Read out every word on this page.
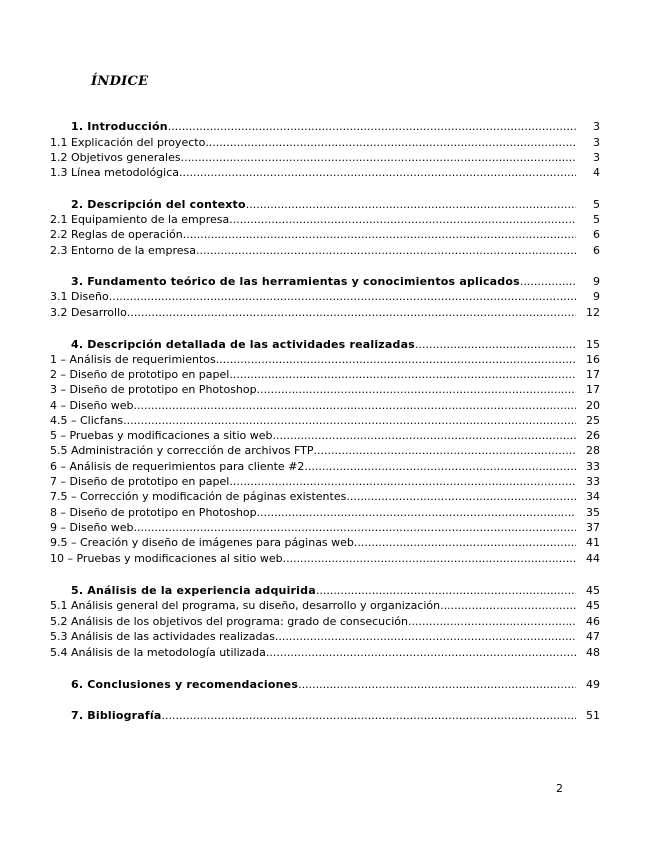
ÍNDICE
1. Introducción .....	3
1.1 Explicación del proyecto .....	3
1.2 Objetivos generales .....	3
1.3 Línea metodológica .....	4
2. Descripción del contexto .....	5
2.1 Equipamiento de la empresa .....	5
2.2 Reglas de operación .....	6
2.3 Entorno de la empresa .....	6
3. Fundamento teórico de las herramientas y conocimientos aplicados .....	9
3.1 Diseño .....	9
3.2 Desarrollo .....	12
4. Descripción detallada de las actividades realizadas .....	15
1 – Análisis de requerimientos .....	16
2 – Diseño de prototipo en papel .....	17
3 – Diseño de prototipo en Photoshop .....	17
4 – Diseño web .....	20
4.5 – Clicfans .....	25
5 – Pruebas y modificaciones a sitio web .....	26
5.5 Administración y corrección de archivos FTP .....	28
6 – Análisis de requerimientos para cliente #2 .....	33
7 – Diseño de prototipo en papel .....	33
7.5 – Corrección y modificación de páginas existentes .....	34
8 – Diseño de prototipo en Photoshop .....	35
9 – Diseño web .....	37
9.5 – Creación y diseño de imágenes para páginas web .....	41
10 – Pruebas y modificaciones al sitio web .....	44
5. Análisis de la experiencia adquirida .....	45
5.1 Análisis general del programa, su diseño, desarrollo y organización .....	45
5.2 Análisis de los objetivos del programa: grado de consecución .....	46
5.3 Análisis de las actividades realizadas .....	47
5.4 Análisis de la metodología utilizada .....	48
6. Conclusiones y recomendaciones .....	49
7. Bibliografía .....	51
2
